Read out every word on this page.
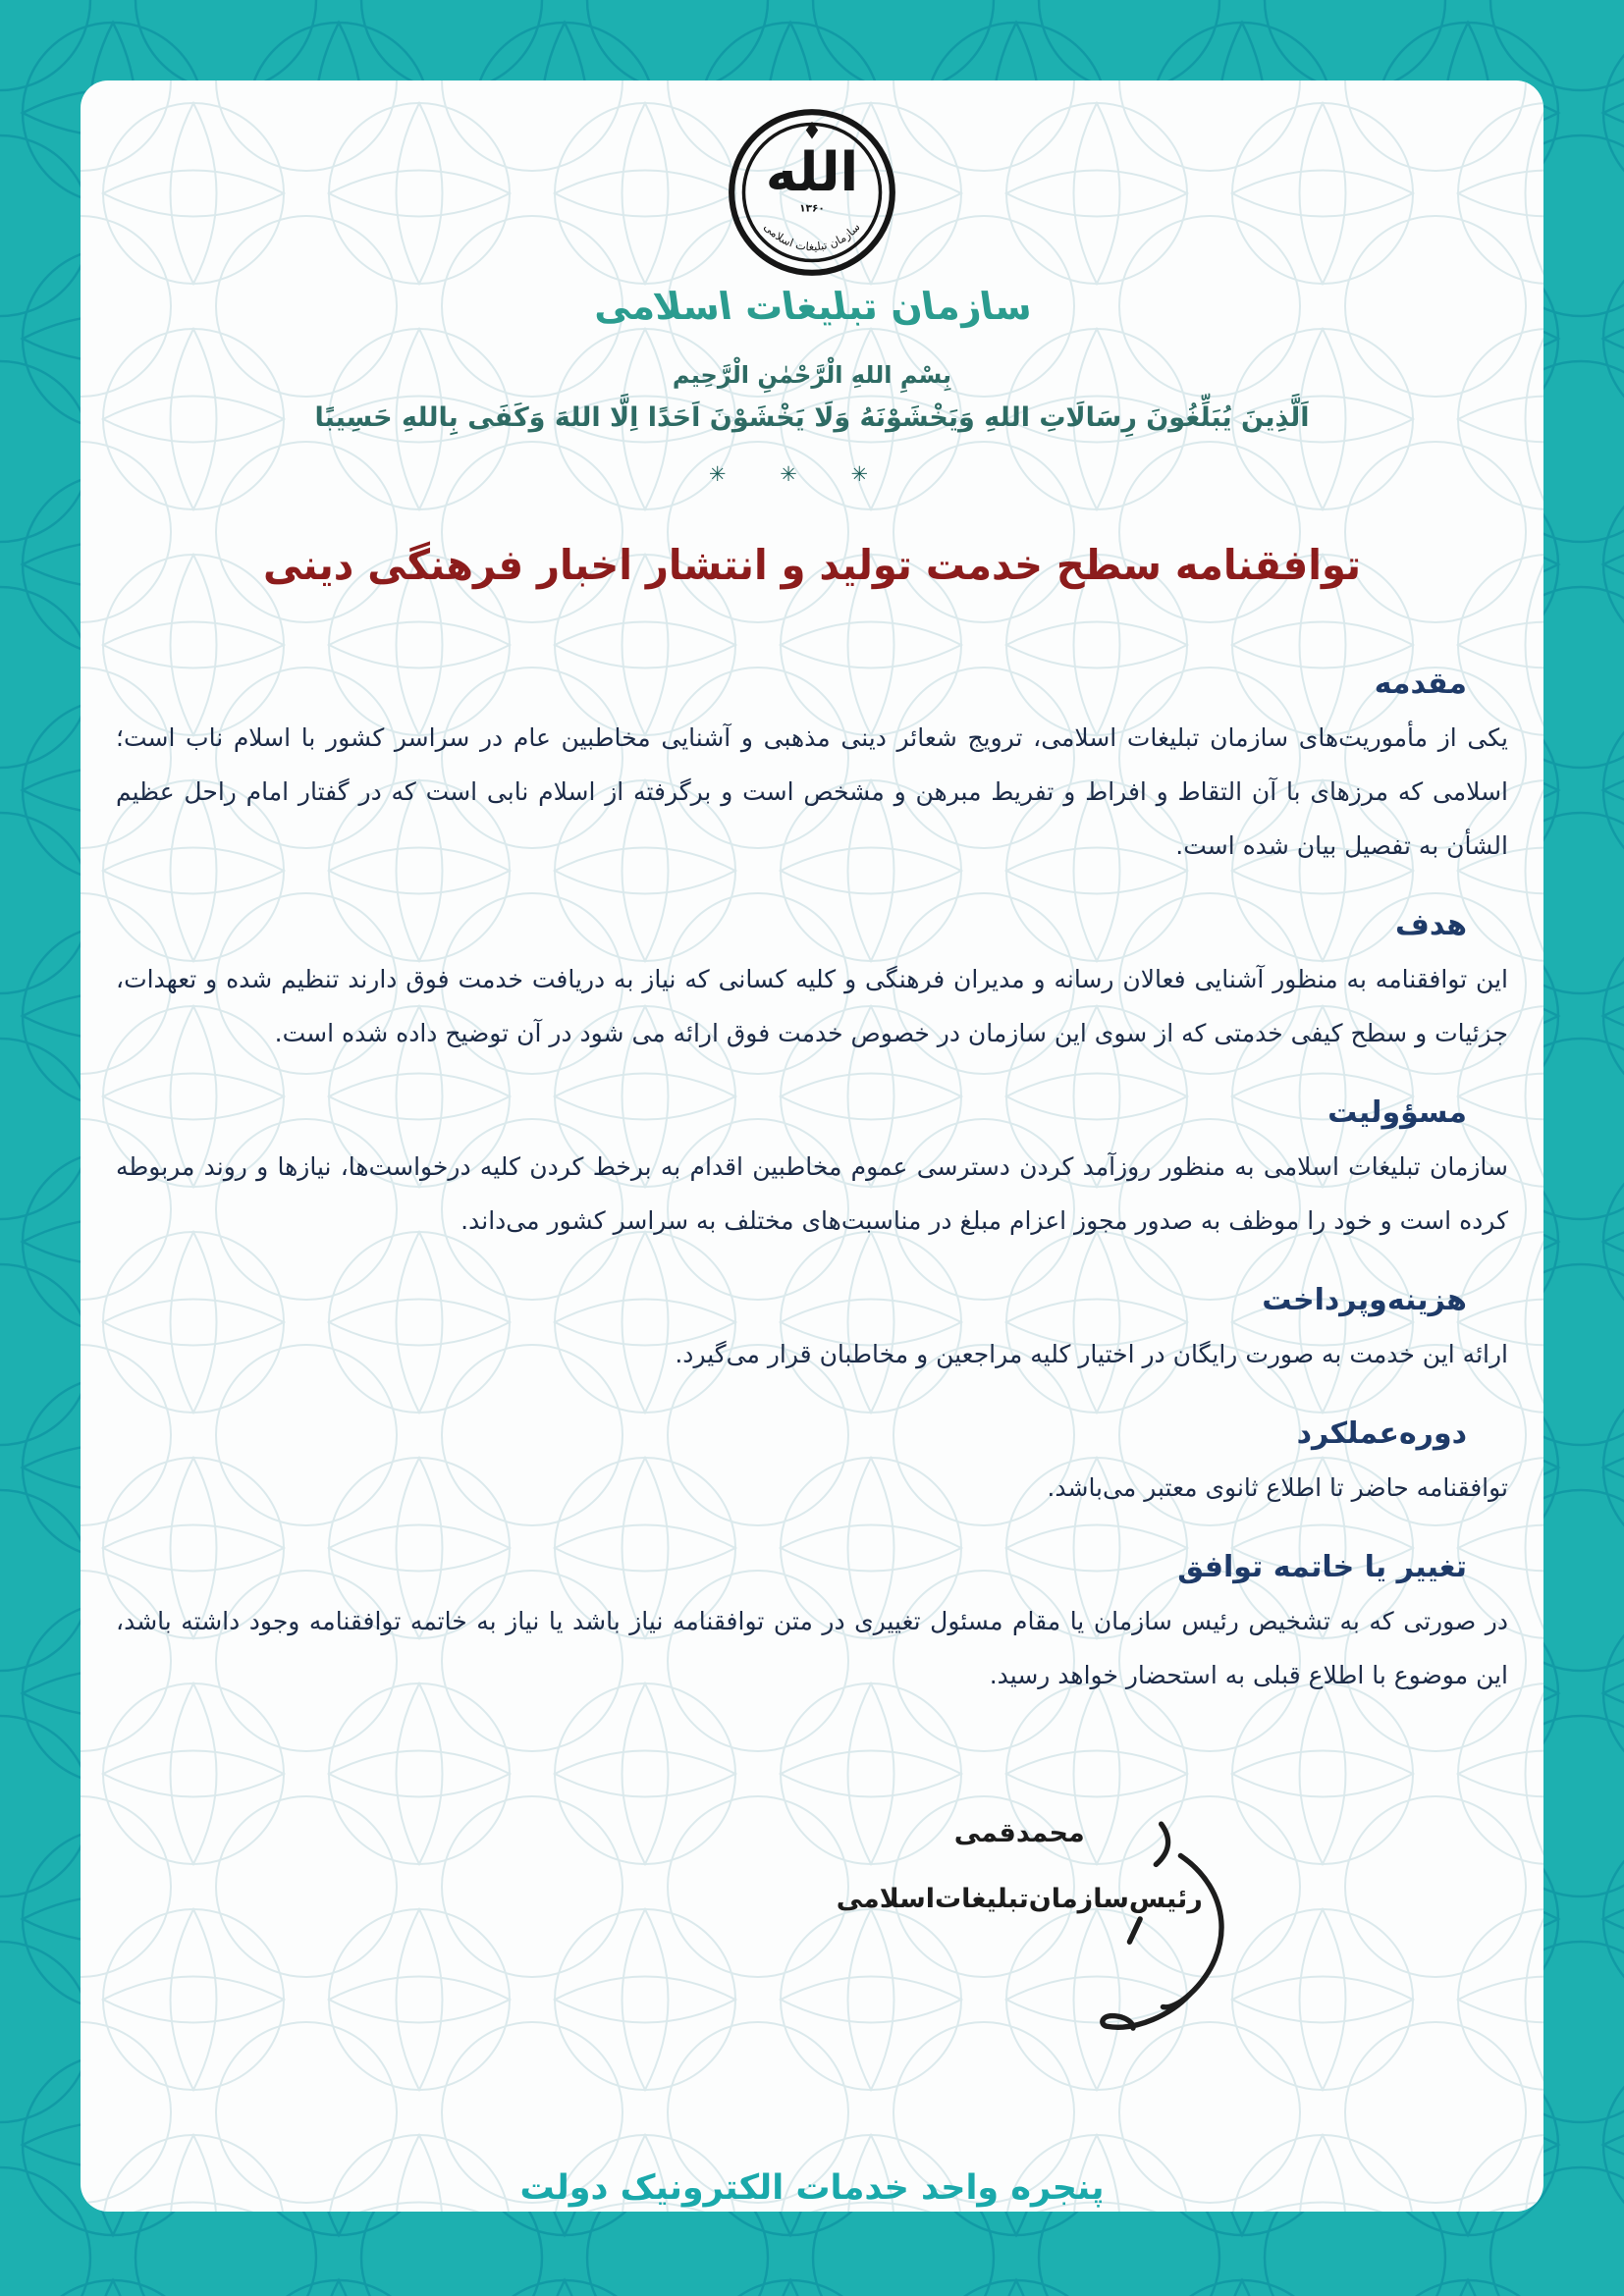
الله
۱۳۶۰
سازمان تبلیغات اسلامی
سازمان تبلیغات اسلامی
بِسْمِ اللهِ الْرَّحْمٰنِ الْرَّحِیم
اَلَّذِینَ یُبَلِّغُونَ رِسَالَاتِ اللهِ وَیَخْشَوْنَهُ وَلَا یَخْشَوْنَ اَحَدًا اِلَّا اللهَ وَکَفَی بِاللهِ حَسِیبًا
✳ ✳ ✳
توافقنامه سطح خدمت تولید و انتشار اخبار فرهنگی دینی
مقدمه

یکی از مأموریت‌های سازمان تبلیغات اسلامی، ترویج شعائر دینی مذهبی و آشنایی مخاطبین عام در سراسر کشور با اسلام ناب است؛ اسلامی که مرزهای با آن التقاط و افراط و تفریط مبرهن و مشخص است و برگرفته از اسلام نابی است که در گفتار امام راحل عظیم الشأن به تفصیل بیان شده است.

هدف

این توافقنامه به منظور آشنایی فعالان رسانه و مدیران فرهنگی و کلیه کسانی که نیاز به دریافت خدمت فوق دارند تنظیم شده و تعهدات، جزئیات و سطح کیفی خدمتی که از سوی این سازمان در خصوص خدمت فوق ارائه می شود در آن توضیح داده شده است.

مسؤولیت

سازمان تبلیغات اسلامی به منظور روزآمد کردن دسترسی عموم مخاطبین اقدام به برخط کردن کلیه درخواست‌ها، نیازها و روند مربوطه کرده است و خود را موظف به صدور مجوز اعزام مبلغ در مناسبت‌های مختلف به سراسر کشور می‌داند.

هزینه‌وپرداخت

ارائه این خدمت به صورت رایگان در اختیار کلیه مراجعین و مخاطبان قرار می‌گیرد.

دوره‌عملکرد

توافقنامه حاضر تا اطلاع ثانوی معتبر می‌باشد.

تغییر یا خاتمه توافق

در صورتی که به تشخیص رئیس سازمان یا مقام مسئول تغییری در متن توافقنامه نیاز باشد یا نیاز به خاتمه توافقنامه وجود داشته باشد، این موضوع با اطلاع قبلی به استحضار خواهد رسید.

محمدقمی
رئیس‌سازمان‌تبلیغات‌اسلامی
پنجره واحد خدمات الکترونیک دولت
